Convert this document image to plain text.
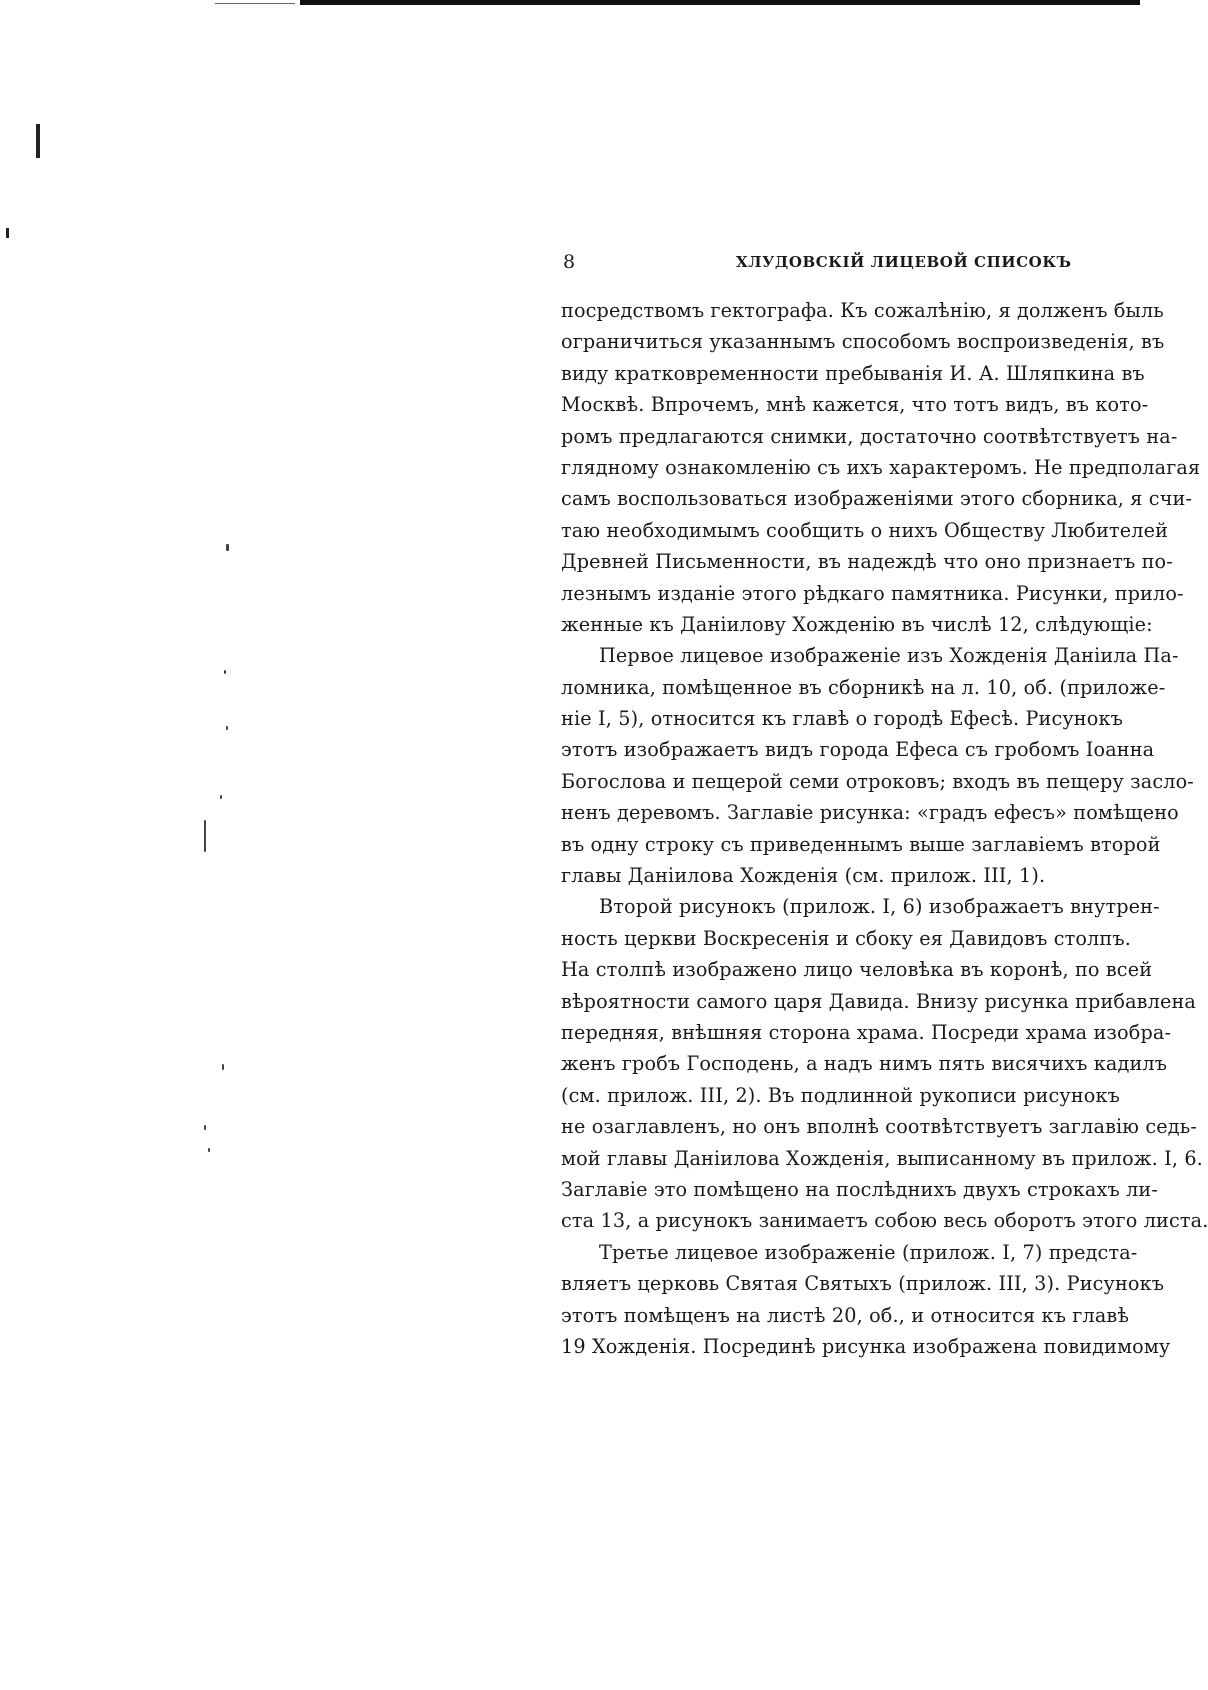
8	ХЛУДОВСКІЙ ЛИЦЕВОЙ СПИСОКЪ
посредствомъ гектографа. Къ сожалѣнію, я долженъ быль
ограничиться указаннымъ способомъ воспроизведенія, въ
виду кратковременности пребыванія И. А. Шляпкина въ
Москвѣ. Впрочемъ, мнѣ кажется, что тотъ видъ, въ кото-
ромъ предлагаются снимки, достаточно соотвѣтствуетъ на-
глядному ознакомленію съ ихъ характеромъ. Не предполагая
самъ воспользоваться изображеніями этого сборника, я счи-
таю необходимымъ сообщить о нихъ Обществу Любителей
Древней Письменности, въ надеждѣ что оно признаетъ по-
лезнымъ изданіе этого рѣдкаго памятника. Рисунки, прило-
женные къ Даніилову Хожденію въ числѣ 12, слѣдующіе:
Первое лицевое изображеніе изъ Хожденія Даніила Па-
ломника, помѣщенное въ сборникѣ на л. 10, об. (приложе-
ніе І, 5), относится къ главѣ о городѣ Ефесѣ. Рисунокъ
этотъ изображаетъ видъ города Ефеса съ гробомъ Іоанна
Богослова и пещерой семи отроковъ; входъ въ пещеру засло-
ненъ деревомъ. Заглавіе рисунка: «градъ ефесъ» помѣщено
въ одну строку съ приведеннымъ выше заглавіемъ второй
главы Даніилова Хожденія (см. прилож. ІІІ, 1).
Второй рисунокъ (прилож. І, 6) изображаетъ внутрен-
ность церкви Воскресенія и сбоку ея Давидовъ столпъ.
На столпѣ изображено лицо человѣка въ коронѣ, по всей
вѣроятности самого царя Давида. Внизу рисунка прибавлена
передняя, внѣшняя сторона храма. Посреди храма изобра-
женъ гробъ Господень, а надъ нимъ пять висячихъ кадилъ
(см. прилож. ІІІ, 2). Въ подлинной рукописи рисунокъ
не озаглавленъ, но онъ вполнѣ соотвѣтствуетъ заглавію седь-
мой главы Даніилова Хожденія, выписанному въ прилож. І, 6.
Заглавіе это помѣщено на послѣднихъ двухъ строкахъ ли-
ста 13, а рисунокъ занимаетъ собою весь оборотъ этого листа.
Третье лицевое изображеніе (прилож. І, 7) предста-
вляетъ церковь Святая Святыхъ (прилож. ІІІ, 3). Рисунокъ
этотъ помѣщенъ на листѣ 20, об., и относится къ главѣ
19 Хожденія. Посрединѣ рисунка изображена повидимому
